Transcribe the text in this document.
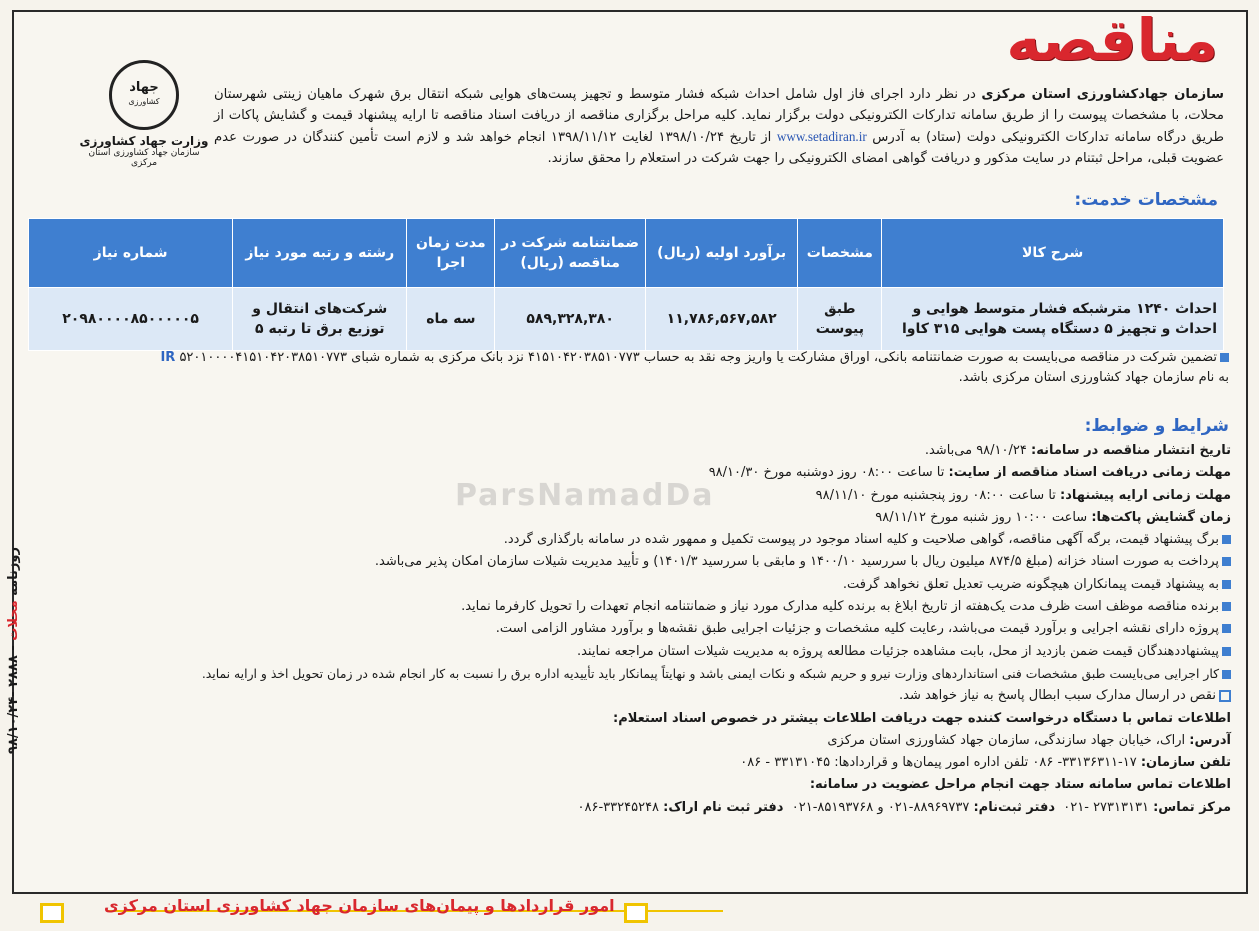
مناقصه
جهاد
کشاورزی
وزارت جهاد کشاورزی
سازمان جهاد کشاورزی استان مرکزی
سازمان جهادکشاورزی استان مرکزی در نظر دارد اجرای فاز اول شامل احداث شبکه فشار متوسط و تجهیز پست‌های هوایی شبکه انتقال برق شهرک ماهیان زینتی شهرستان محلات، با مشخصات پیوست را از طریق سامانه تدارکات الکترونیکی دولت برگزار نماید. کلیه مراحل برگزاری مناقصه از دریافت اسناد مناقصه تا ارایه پیشنهاد قیمت و گشایش پاکات از طریق درگاه سامانه تدارکات الکترونیکی دولت (ستاد) به آدرس www.setadiran.ir از تاریخ ۱۳۹۸/۱۰/۲۴ لغایت ۱۳۹۸/۱۱/۱۲ انجام خواهد شد و لازم است تأمین کنندگان در صورت عدم عضویت قبلی، مراحل ثبتنام در سایت مذکور و دریافت گواهی امضای الکترونیکی را جهت شرکت در استعلام را محقق سازند.
مشخصات خدمت:
شرح کالا	مشخصات	برآورد اولیه (ریال)	ضمانتنامه شرکت در مناقصه (ریال)	مدت زمان اجرا	رشته و رتبه مورد نیاز	شماره نیاز
احداث ۱۲۴۰ مترشبکه فشار متوسط هوایی و احداث و تجهیز ۵ دستگاه پست هوایی ۳۱۵ کاوا	طبق پیوست	۱۱,۷۸۶,۵۶۷,۵۸۲	۵۸۹,۳۲۸,۳۸۰	سه ماه	شرکت‌های انتقال و توزیع برق تا رتبه ۵	۲۰۹۸۰۰۰۰۸۵۰۰۰۰۰۵
تضمین شرکت در مناقصه می‌بایست به صورت ضمانتنامه بانکی، اوراق مشارکت یا واریز وجه نقد به حساب ۴۱۵۱۰۴۲۰۳۸۵۱۰۷۷۳ نزد بانک مرکزی به شماره شبای ۵۲۰۱۰۰۰۰۴۱۵۱۰۴۲۰۳۸۵۱۰۷۷۳ IR
به نام سازمان جهاد کشاورزی استان مرکزی باشد.
شرایط و ضوابط:
تاریخ انتشار مناقصه در سامانه: ۹۸/۱۰/۲۴ می‌باشد.
مهلت زمانی دریافت اسناد مناقصه از سایت: تا ساعت ۰۸:۰۰ روز دوشنبه مورخ ۹۸/۱۰/۳۰
مهلت زمانی ارایه پیشنهاد: تا ساعت ۰۸:۰۰ روز پنجشنبه مورخ ۹۸/۱۱/۱۰
زمان گشایش پاکت‌ها: ساعت ۱۰:۰۰ روز شنبه مورخ ۹۸/۱۱/۱۲
برگ پیشنهاد قیمت، برگه آگهی مناقصه، گواهی صلاحیت و کلیه اسناد موجود در پیوست تکمیل و ممهور شده در سامانه بارگذاری گردد.
پرداخت به صورت اسناد خزانه (مبلغ ۸۷۴/۵ میلیون ریال با سررسید ۱۴۰۰/۱۰ و مابقی با سررسید ۱۴۰۱/۳) و تأیید مدیریت شیلات سازمان امکان پذیر می‌باشد.
به پیشنهاد قیمت پیمانکاران هیچگونه ضریب تعدیل تعلق نخواهد گرفت.
برنده مناقصه موظف است ظرف مدت یک‌هفته از تاریخ ابلاغ به برنده کلیه مدارک مورد نیاز و ضمانتنامه انجام تعهدات را تحویل کارفرما نماید.
پروژه دارای نقشه اجرایی و برآورد قیمت می‌باشد، رعایت کلیه مشخصات و جزئیات اجرایی طبق نقشه‌ها و برآورد مشاور الزامی است.
پیشنهاددهندگان قیمت ضمن بازدید از محل، بابت مشاهده جزئیات مطالعه پروژه به مدیریت شیلات استان مراجعه نمایند.
کار اجرایی می‌بایست طبق مشخصات فنی استانداردهای وزارت نیرو و حریم شبکه و نکات ایمنی باشد و نهایتاً پیمانکار باید تأییدیه اداره برق را نسبت به کار انجام شده در زمان تحویل اخذ و ارایه نماید.
نقص در ارسال مدارک سبب ابطال پاسخ به نیاز خواهد شد.
اطلاعات تماس با دستگاه درخواست کننده جهت دریافت اطلاعات بیشتر در خصوص اسناد استعلام:
آدرس: اراک، خیابان جهاد سازندگی، سازمان جهاد کشاورزی استان مرکزی
تلفن سازمان: ۱۷-۳۳۱۳۶۳۱۱- ۰۸۶ تلفن اداره امور پیمان‌ها و قراردادها: ۳۳۱۳۱۰۴۵ - ۰۸۶
اطلاعات تماس سامانه ستاد جهت انجام مراحل عضویت در سامانه:
مرکز تماس: ۲۷۳۱۳۱۳۱ -۰۲۱  دفتر ثبت‌نام: ۸۸۹۶۹۷۳۷-۰۲۱ و ۸۵۱۹۳۷۶۸-۰۲۱  دفتر ثبت نام اراک: ۳۳۲۴۵۲۴۸-۰۸۶
روزنامه محلات - ۲۸۸۸ -۹۸/۱۰/۲۴
ParsNamadDa
امور قراردادها و پیمان‌های سازمان جهاد کشاورزی استان مرکزی
